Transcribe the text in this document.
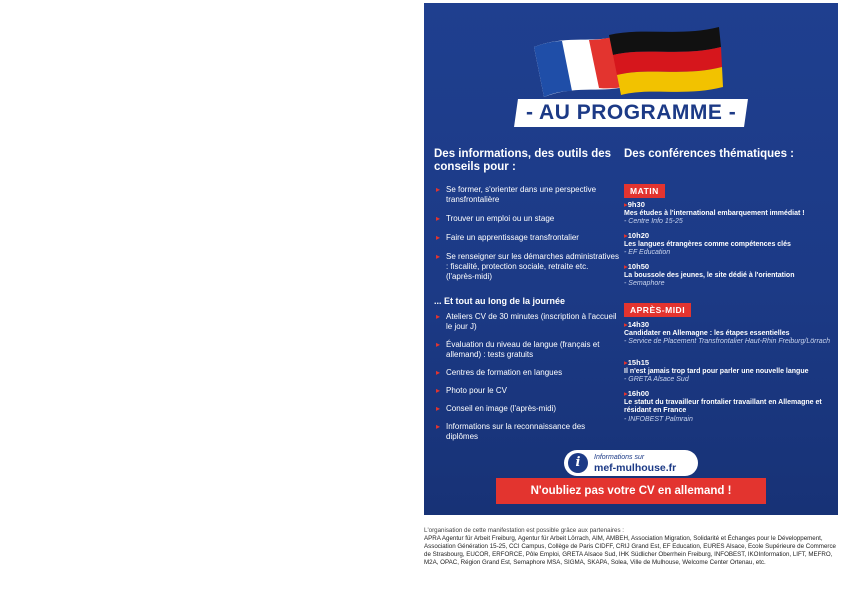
- AU PROGRAMME -
Des informations, des outils des conseils pour :
▸ Se former, s'orienter dans une perspective transfrontalière
▸ Trouver un emploi ou un stage
▸ Faire un apprentissage transfrontalier
▸ Se renseigner sur les démarches administratives : fiscalité, protection sociale, retraite etc. (l'après-midi)
... Et tout au long de la journée
▸ Ateliers CV de 30 minutes (inscription à l'accueil le jour J)
▸ Évaluation du niveau de langue (français et allemand) : tests gratuits
▸ Centres de formation en langues
▸ Photo pour le CV
▸ Conseil en image (l'après-midi)
▸ Informations sur la reconnaissance des diplômes
Des conférences thématiques :
MATIN
▸ 9h30
Mes études à l'international embarquement immédiat !
- Centre Info 15-25
▸ 10h20
Les langues étrangères comme compétences clés
- EF Education
▸ 10h50
La boussole des jeunes, le site dédié à l'orientation
- Semaphore
APRÈS-MIDI
▸ 14h30
Candidater en Allemagne : les étapes essentielles
- Service de Placement Transfrontalier Haut-Rhin Freiburg/Lörrach
▸ 15h15
Il n'est jamais trop tard pour parler une nouvelle langue
- GRETA Alsace Sud
▸ 16h00
Le statut du travailleur frontalier travaillant en Allemagne et résidant en France
- INFOBEST Palmrain
i	Informations sur
mef-mulhouse.fr
N'oubliez pas votre CV en allemand !
L'organisation de cette manifestation est possible grâce aux partenaires :
APRA Agentur für Arbeit Freiburg, Agentur für Arbeit Lörrach, AIM, AMBEH, Association Migration, Solidarité et Échanges pour le Développement, Association Génération 15-25, CCI Campus, Collège de Paris CIDFF, CRIJ Grand Est, EF Education, EURES Alsace, Ecole Supérieure de Commerce de Strasbourg, EUCOR, ERFORCE, Pôle Emploi, GRETA Alsace Sud, IHK Südlicher Oberrhein Freiburg, INFOBEST, IKOInformation, LIFT, MEFRO, M2A, OPAC, Région Grand Est, Semaphore MSA, SIGMA, SKAPA, Solea, Ville de Mulhouse, Welcome Center Ortenau, etc.
